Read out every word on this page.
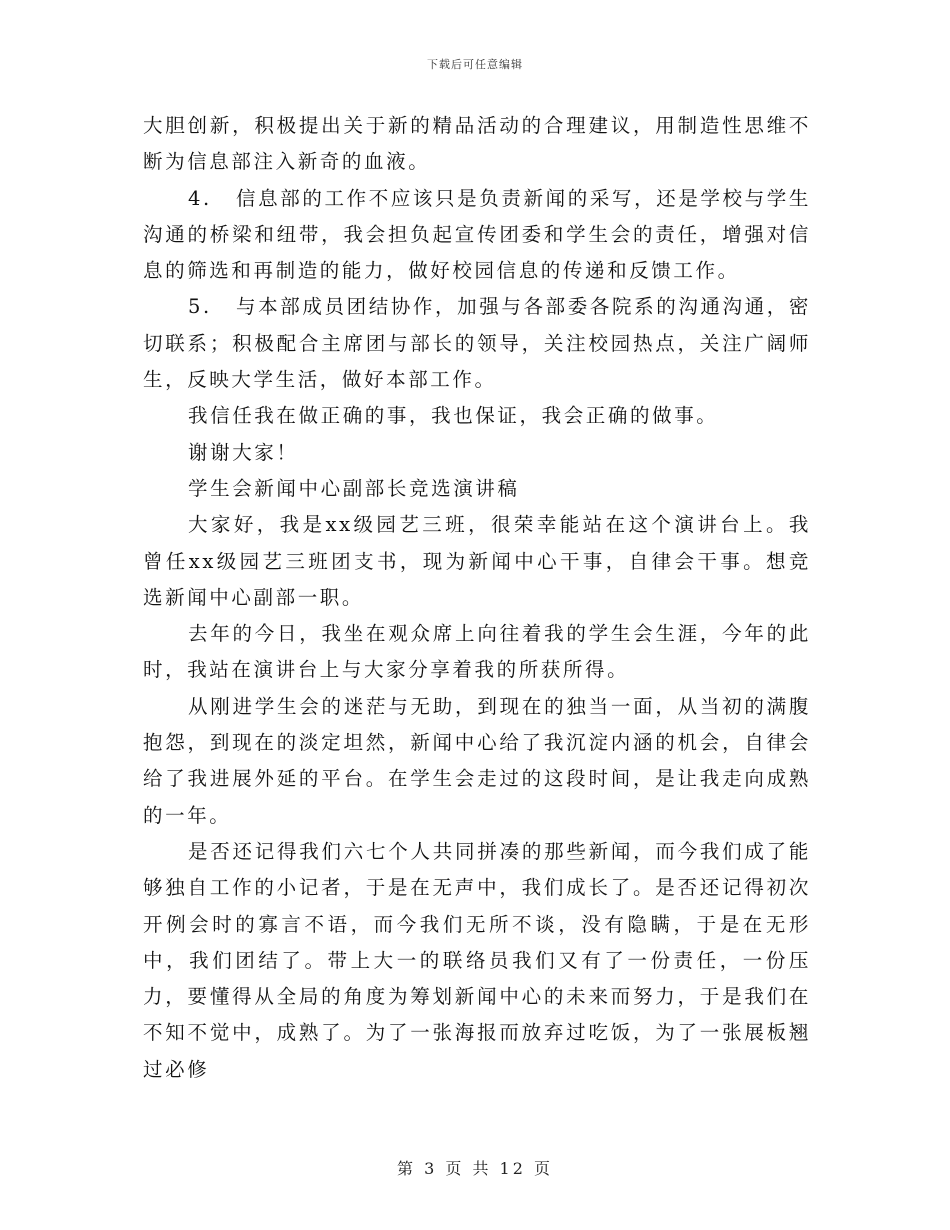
下载后可任意编辑

大胆创新，积极提出关于新的精品活动的合理建议，用制造性思维不断为信息部注入新奇的血液。

4. 信息部的工作不应该只是负责新闻的采写，还是学校与学生沟通的桥梁和纽带，我会担负起宣传团委和学生会的责任，增强对信息的筛选和再制造的能力，做好校园信息的传递和反馈工作。

5. 与本部成员团结协作，加强与各部委各院系的沟通沟通，密切联系；积极配合主席团与部长的领导，关注校园热点，关注广阔师生，反映大学生活，做好本部工作。

我信任我在做正确的事，我也保证，我会正确的做事。

谢谢大家！

学生会新闻中心副部长竞选演讲稿

大家好，我是xx级园艺三班，很荣幸能站在这个演讲台上。我曾任xx级园艺三班团支书，现为新闻中心干事，自律会干事。想竞选新闻中心副部一职。

去年的今日，我坐在观众席上向往着我的学生会生涯，今年的此时，我站在演讲台上与大家分享着我的所获所得。

从刚进学生会的迷茫与无助，到现在的独当一面，从当初的满腹抱怨，到现在的淡定坦然，新闻中心给了我沉淀内涵的机会，自律会给了我进展外延的平台。在学生会走过的这段时间，是让我走向成熟的一年。

是否还记得我们六七个人共同拼凑的那些新闻，而今我们成了能够独自工作的小记者，于是在无声中，我们成长了。是否还记得初次开例会时的寡言不语，而今我们无所不谈，没有隐瞒，于是在无形中，我们团结了。带上大一的联络员我们又有了一份责任，一份压力，要懂得从全局的角度为筹划新闻中心的未来而努力，于是我们在不知不觉中，成熟了。为了一张海报而放弃过吃饭，为了一张展板翘过必修

第 3 页 共 12 页
